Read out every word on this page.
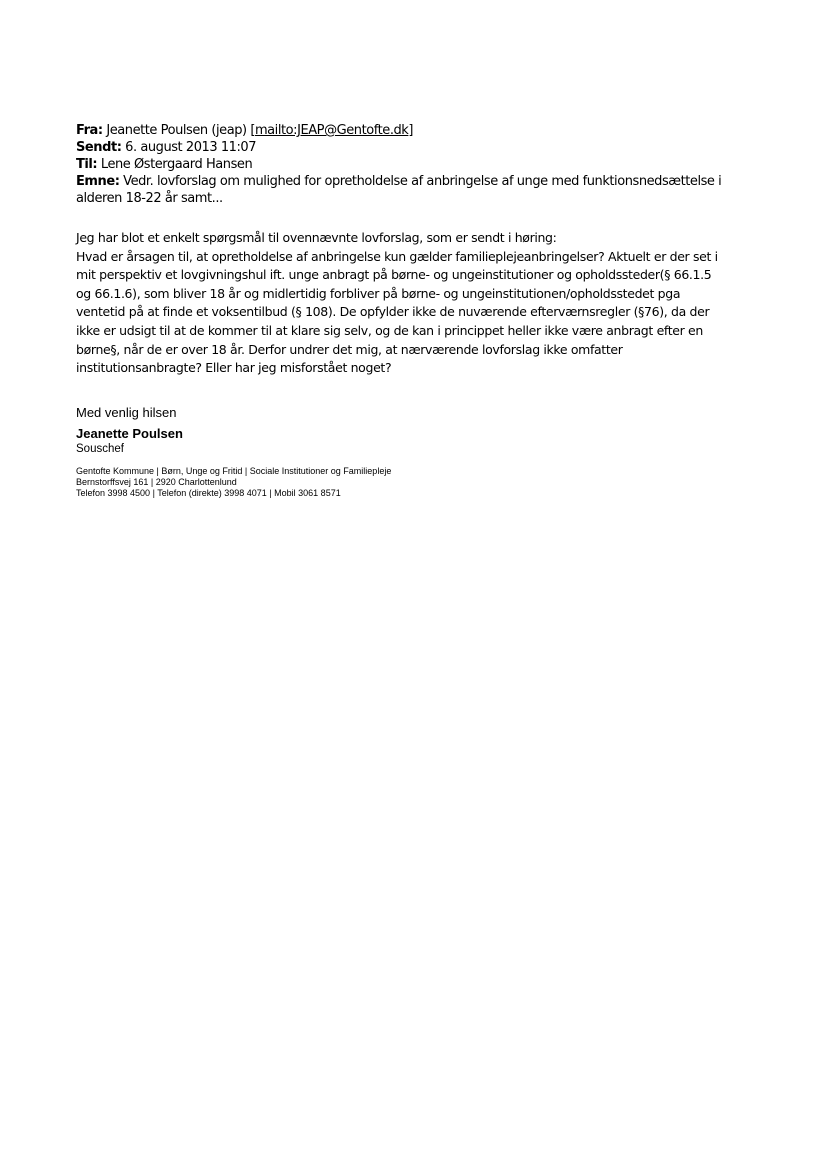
Fra: Jeanette Poulsen (jeap) [mailto:JEAP@Gentofte.dk]
Sendt: 6. august 2013 11:07
Til: Lene Østergaard Hansen
Emne: Vedr. lovforslag om mulighed for opretholdelse af anbringelse af unge med funktionsnedsættelse i
alderen 18-22 år samt...

Jeg har blot et enkelt spørgsmål til ovennævnte lovforslag, som er sendt i høring:

Hvad er årsagen til, at opretholdelse af anbringelse kun gælder familieplejeanbringelser? Aktuelt er der set i

mit perspektiv et lovgivningshul ift. unge anbragt på børne- og ungeinstitutioner og opholdssteder(§ 66.1.5

og 66.1.6), som bliver 18 år og midlertidig forbliver på børne- og ungeinstitutionen/opholdsstedet pga

ventetid på at finde et voksentilbud (§ 108). De opfylder ikke de nuværende efterværnsregler (§76), da der

ikke er udsigt til at de kommer til at klare sig selv, og de kan i princippet heller ikke være anbragt efter en

børne§, når de er over 18 år. Derfor undrer det mig, at nærværende lovforslag ikke omfatter

institutionsanbragte? Eller har jeg misforstået noget?

Med venlig hilsen
Jeanette Poulsen
Souschef
Gentofte Kommune | Børn, Unge og Fritid | Sociale Institutioner og Familiepleje
Bernstorffsvej 161 | 2920 Charlottenlund
Telefon 3998 4500 | Telefon (direkte) 3998 4071 | Mobil 3061 8571
